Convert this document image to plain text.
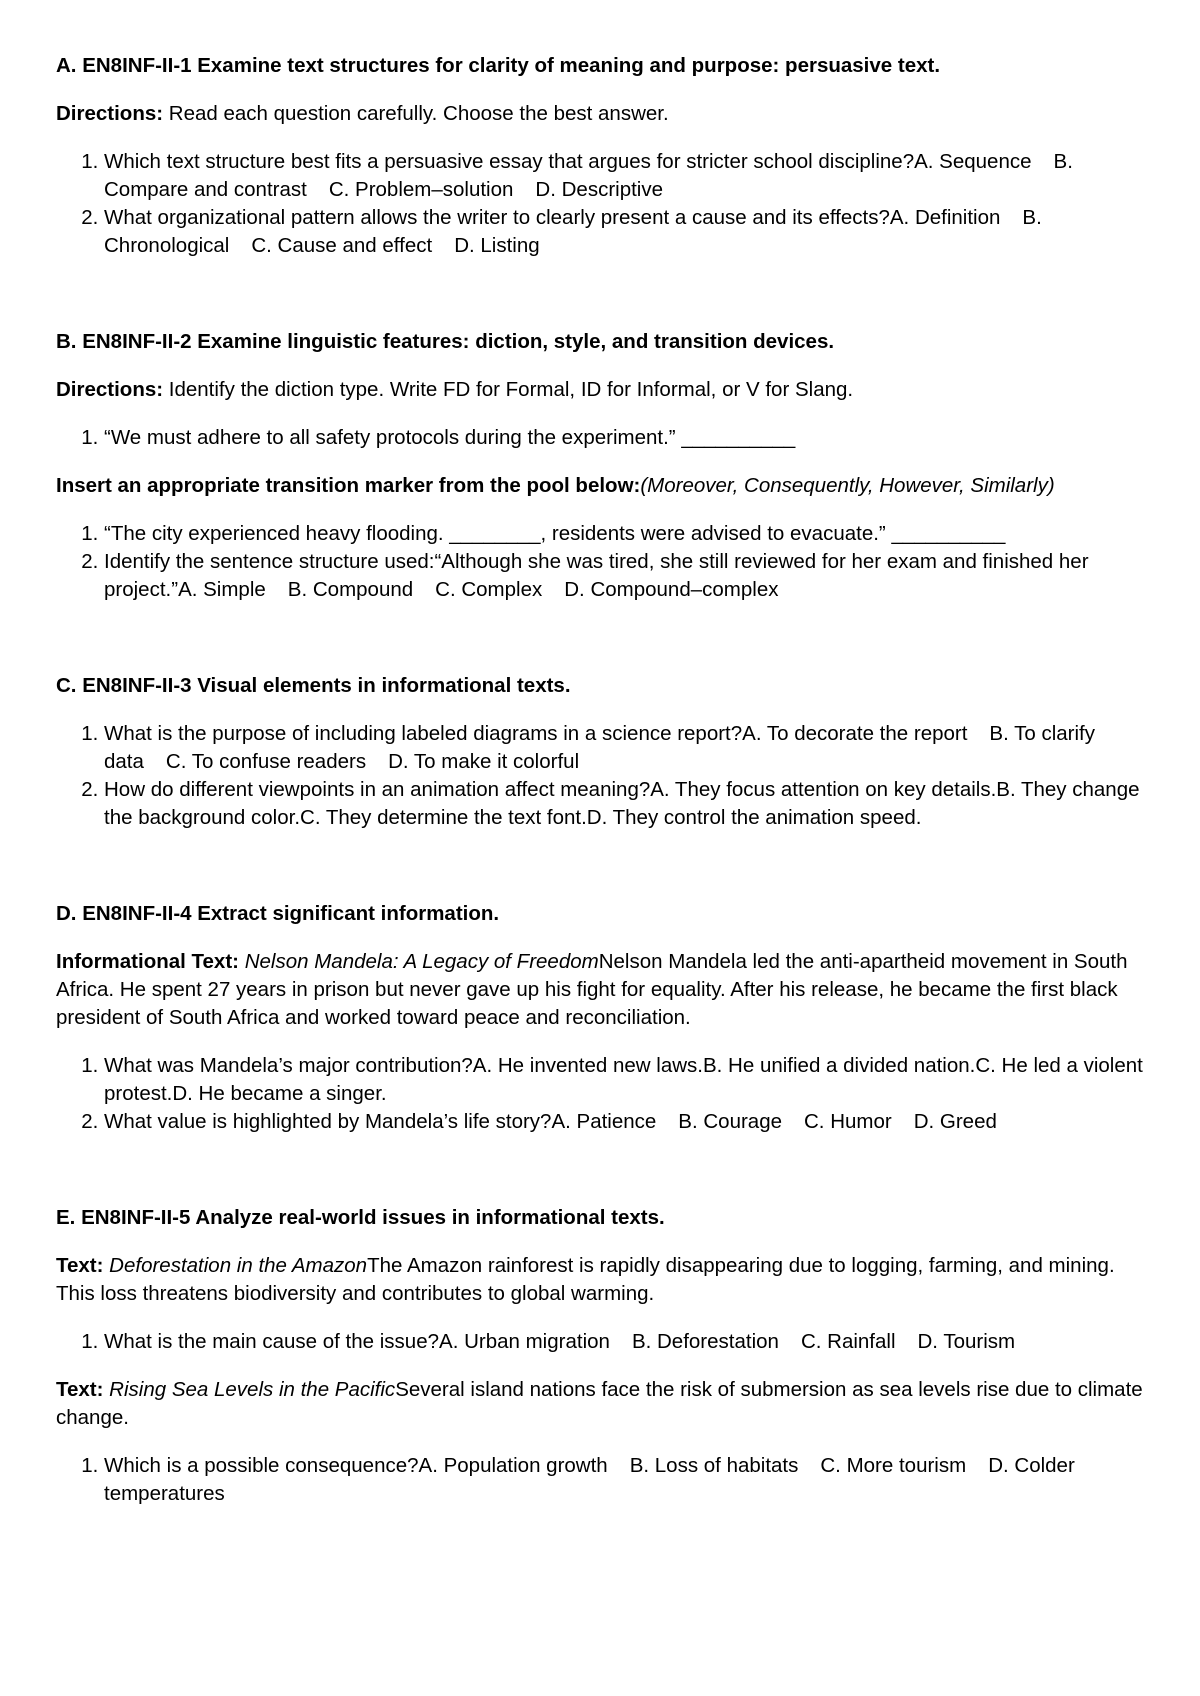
A. EN8INF-II-1 Examine text structures for clarity of meaning and purpose: persuasive text.

Directions: Read each question carefully. Choose the best answer.

1. Which text structure best fits a persuasive essay that argues for stricter school discipline?A. Sequence B. Compare and contrast C. Problem–solution D. Descriptive
2. What organizational pattern allows the writer to clearly present a cause and its effects?A. Definition B. Chronological C. Cause and effect D. Listing

B. EN8INF-II-2 Examine linguistic features: diction, style, and transition devices.

Directions: Identify the diction type. Write FD for Formal, ID for Informal, or V for Slang.

1. “We must adhere to all safety protocols during the experiment.” __________

Insert an appropriate transition marker from the pool below:(Moreover, Consequently, However, Similarly)

1. “The city experienced heavy flooding. ________, residents were advised to evacuate.” __________
2. Identify the sentence structure used:“Although she was tired, she still reviewed for her exam and finished her project.”A. Simple B. Compound C. Complex D. Compound–complex

C. EN8INF-II-3 Visual elements in informational texts.

1. What is the purpose of including labeled diagrams in a science report?A. To decorate the report B. To clarify data C. To confuse readers D. To make it colorful
2. How do different viewpoints in an animation affect meaning?A. They focus attention on key details.B. They change the background color.C. They determine the text font.D. They control the animation speed.

D. EN8INF-II-4 Extract significant information.

Informational Text: Nelson Mandela: A Legacy of FreedomNelson Mandela led the anti-apartheid movement in South Africa. He spent 27 years in prison but never gave up his fight for equality. After his release, he became the first black president of South Africa and worked toward peace and reconciliation.

1. What was Mandela’s major contribution?A. He invented new laws.B. He unified a divided nation.C. He led a violent protest.D. He became a singer.
2. What value is highlighted by Mandela’s life story?A. Patience B. Courage C. Humor D. Greed

E. EN8INF-II-5 Analyze real-world issues in informational texts.

Text: Deforestation in the AmazonThe Amazon rainforest is rapidly disappearing due to logging, farming, and mining. This loss threatens biodiversity and contributes to global warming.

1. What is the main cause of the issue?A. Urban migration B. Deforestation C. Rainfall D. Tourism

Text: Rising Sea Levels in the PacificSeveral island nations face the risk of submersion as sea levels rise due to climate change.

1. Which is a possible consequence?A. Population growth B. Loss of habitats C. More tourism D. Colder temperatures
